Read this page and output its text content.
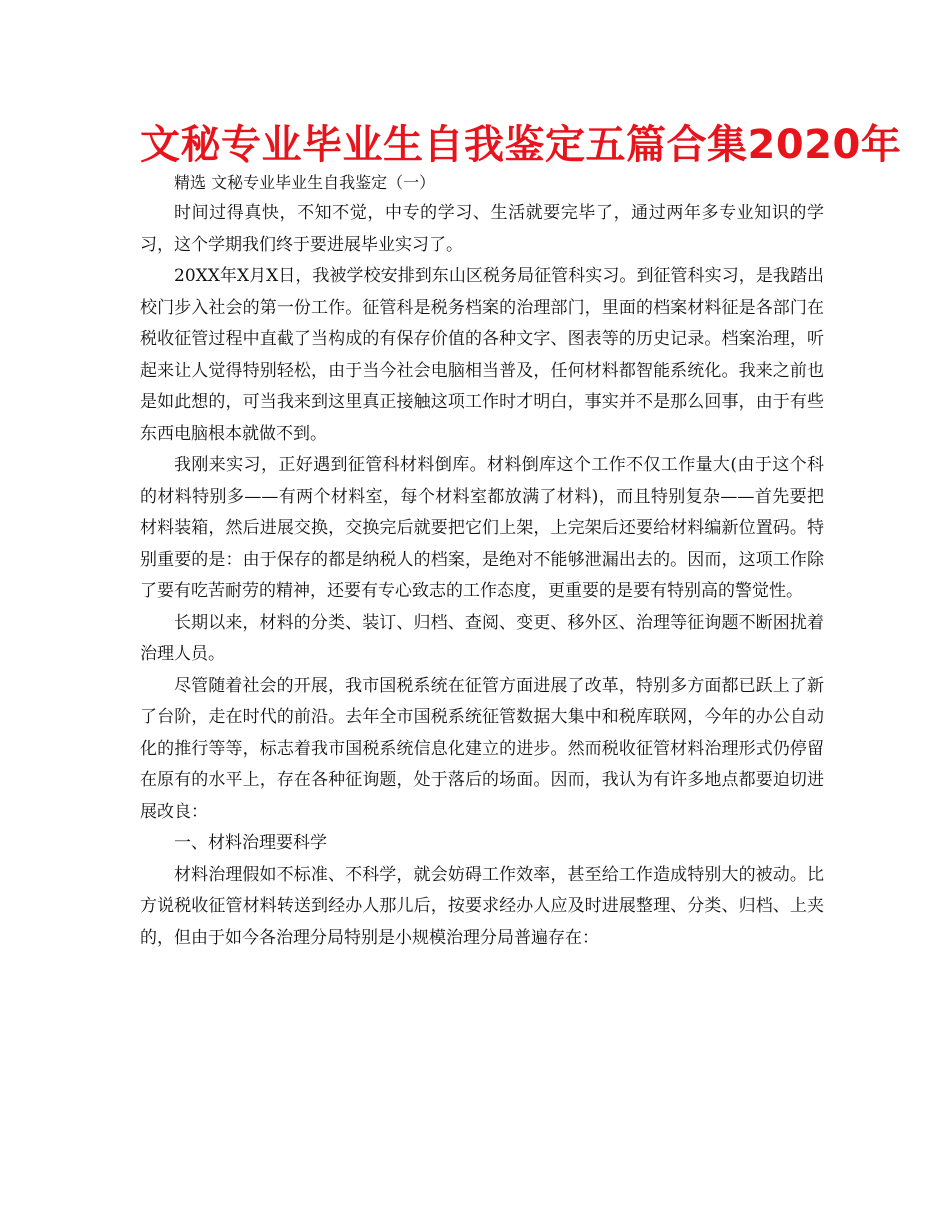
文秘专业毕业生自我鉴定五篇合集2020年

精选 文秘专业毕业生自我鉴定（一）

时间过得真快，不知不觉，中专的学习、生活就要完毕了，通过两年多专业知识的学习，这个学期我们终于要进展毕业实习了。

20XX年X月X日，我被学校安排到东山区税务局征管科实习。到征管科实习，是我踏出校门步入社会的第一份工作。征管科是税务档案的治理部门，里面的档案材料征是各部门在税收征管过程中直截了当构成的有保存价值的各种文字、图表等的历史记录。档案治理，听起来让人觉得特别轻松，由于当今社会电脑相当普及，任何材料都智能系统化。我来之前也是如此想的，可当我来到这里真正接触这项工作时才明白，事实并不是那么回事，由于有些东西电脑根本就做不到。

我刚来实习，正好遇到征管科材料倒库。材料倒库这个工作不仅工作量大(由于这个科的材料特别多——有两个材料室，每个材料室都放满了材料)，而且特别复杂——首先要把材料装箱，然后进展交换，交换完后就要把它们上架，上完架后还要给材料编新位置码。特别重要的是：由于保存的都是纳税人的档案，是绝对不能够泄漏出去的。因而，这项工作除了要有吃苦耐劳的精神，还要有专心致志的工作态度，更重要的是要有特别高的警觉性。

长期以来，材料的分类、装订、归档、查阅、变更、移外区、治理等征询题不断困扰着治理人员。

尽管随着社会的开展，我市国税系统在征管方面进展了改革，特别多方面都已跃上了新了台阶，走在时代的前沿。去年全市国税系统征管数据大集中和税库联网，今年的办公自动化的推行等等，标志着我市国税系统信息化建立的进步。然而税收征管材料治理形式仍停留在原有的水平上，存在各种征询题，处于落后的场面。因而，我认为有许多地点都要迫切进展改良：

一、材料治理要科学

材料治理假如不标准、不科学，就会妨碍工作效率，甚至给工作造成特别大的被动。比方说税收征管材料转送到经办人那儿后，按要求经办人应及时进展整理、分类、归档、上夹的，但由于如今各治理分局特别是小规模治理分局普遍存在：
